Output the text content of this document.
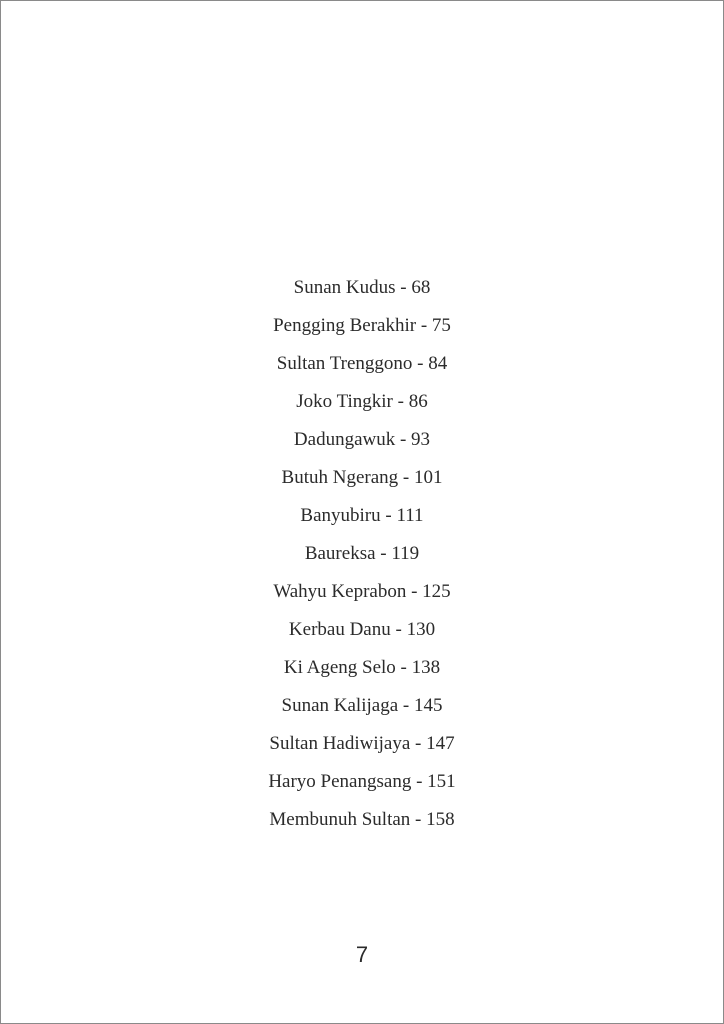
Sunan Kudus - 68
Pengging Berakhir - 75
Sultan Trenggono - 84
Joko Tingkir - 86
Dadungawuk - 93
Butuh Ngerang - 101
Banyubiru - 111
Baureksa - 119
Wahyu Keprabon - 125
Kerbau Danu - 130
Ki Ageng Selo - 138
Sunan Kalijaga - 145
Sultan Hadiwijaya - 147
Haryo Penangsang - 151
Membunuh Sultan - 158
7
